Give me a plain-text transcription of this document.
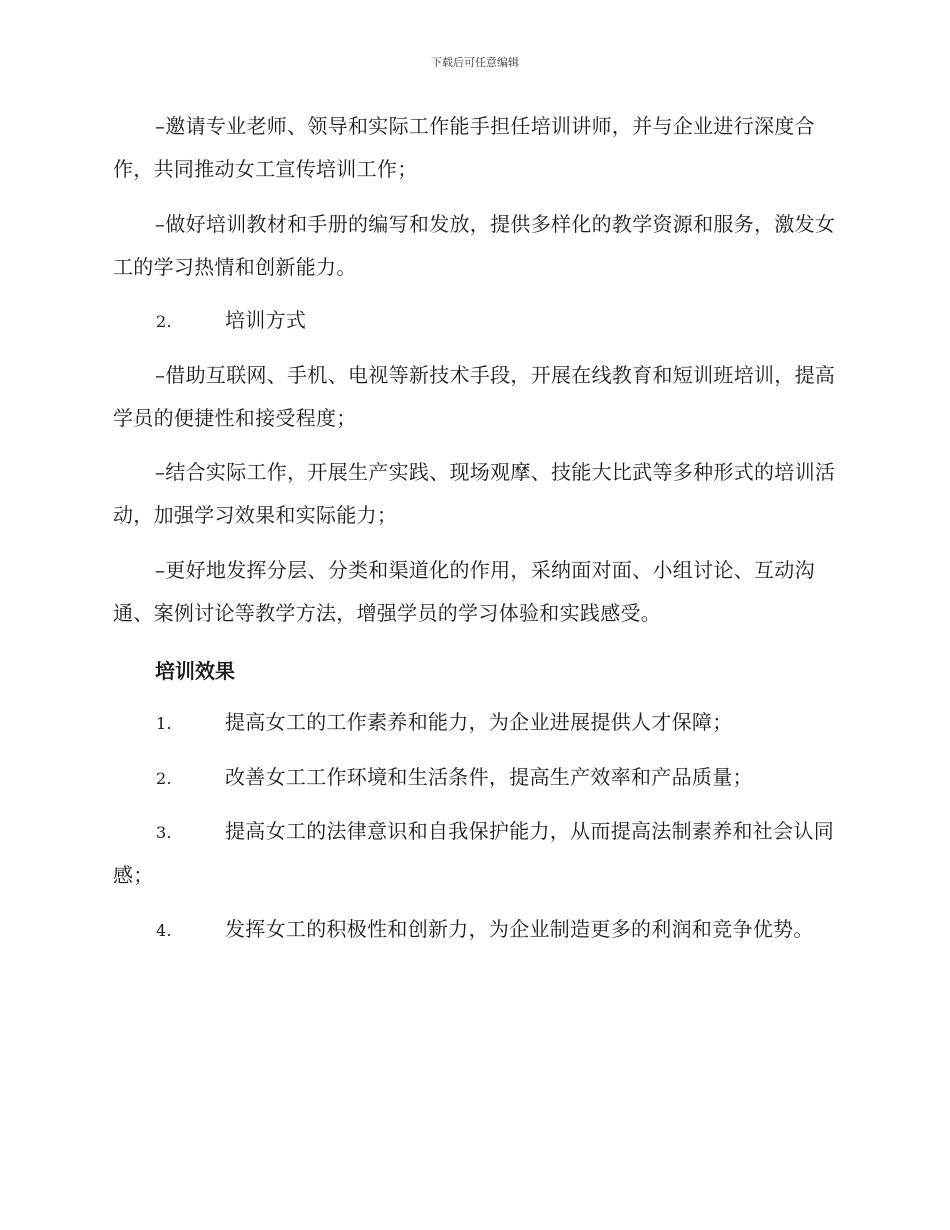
下载后可任意编辑
–邀请专业老师、领导和实际工作能手担任培训讲师，并与企业进行深度合作，共同推动女工宣传培训工作；
–做好培训教材和手册的编写和发放，提供多样化的教学资源和服务，激发女工的学习热情和创新能力。
2.	培训方式
–借助互联网、手机、电视等新技术手段，开展在线教育和短训班培训，提高学员的便捷性和接受程度；
–结合实际工作，开展生产实践、现场观摩、技能大比武等多种形式的培训活动，加强学习效果和实际能力；
–更好地发挥分层、分类和渠道化的作用，采纳面对面、小组讨论、互动沟通、案例讨论等教学方法，增强学员的学习体验和实践感受。
培训效果
1.	提高女工的工作素养和能力，为企业进展提供人才保障；
2.	改善女工工作环境和生活条件，提高生产效率和产品质量；
3.	提高女工的法律意识和自我保护能力，从而提高法制素养和社会认同感；
4.	发挥女工的积极性和创新力，为企业制造更多的利润和竞争优势。
